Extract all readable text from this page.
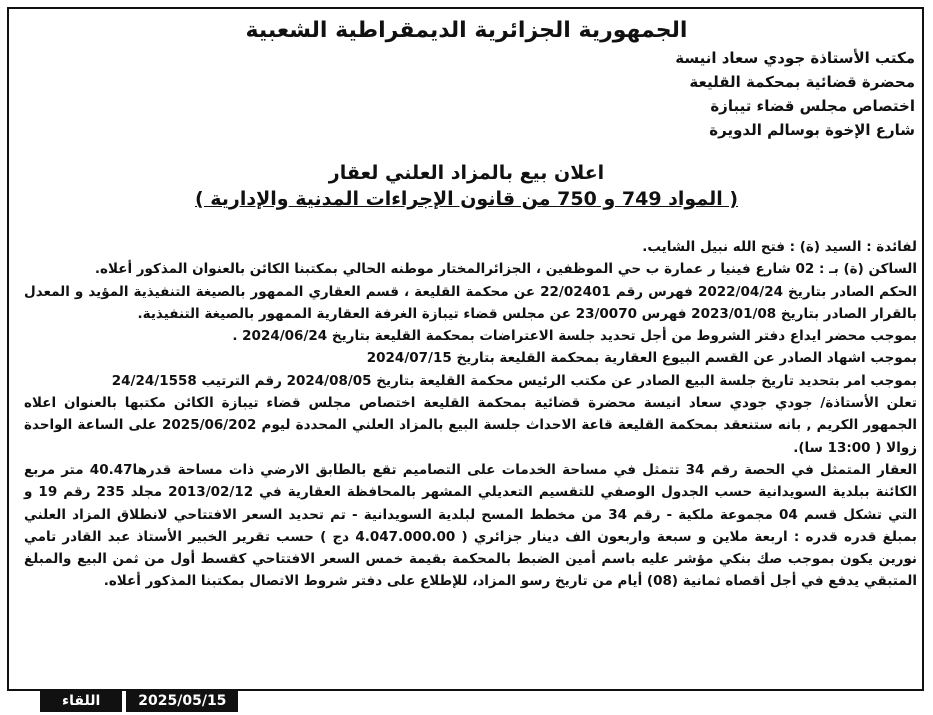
الجمهورية الجزائرية الديمقراطية الشعبية
مكتب الأستاذة جودي سعاد انيسة
محضرة قضائية بمحكمة القليعة
اختصاص مجلس قضاء تيبازة
شارع الإخوة بوسالم الدويرة
اعلان بيع بالمزاد العلني لعقار
( المواد 749 و 750 من قانون الإجراءات المدنية والإدارية )

لفائدة : السيد (ة) : فتح الله نبيل الشايب.

الساكن (ة) بـ : 02 شارع فينيا ر عمارة ب حي الموظفين ، الجزائرالمختار موطنه الحالي بمكتبنا الكائن بالعنوان المذكور أعلاه.

الحكم الصادر بتاريخ 2022/04/24 فهرس رقم 22/02401 عن محكمة القليعة ، قسم العقاري الممهور بالصيغة التنفيذية المؤيد و المعدل بالقرار الصادر بتاريخ 2023/01/08 فهرس 23/0070 عن مجلس قضاء تيبازة الغرفة العقارية الممهور بالصيغة التنفيذية.

بموجب محضر ايداع دفتر الشروط من أجل تحديد جلسة الاعتراضات بمحكمة القليعة بتاريخ 2024/06/24 .

بموجب اشهاد الصادر عن القسم البيوع العقارية بمحكمة القليعة بتاريخ 2024/07/15

بموجب امر بتحديد تاريخ جلسة البيع الصادر عن مكتب الرئيس محكمة القليعة بتاريخ 2024/08/05 رقم الترتيب 24/24/1558

تعلن الأستاذة/ جودي جودي سعاد انيسة محضرة قضائية بمحكمة القليعة اختصاص مجلس قضاء تيبازة الكائن مكتبها بالعنوان اعلاه الجمهور الكريم , بانه ستنعقد بمحكمة القليعة قاعة الاحداث جلسة البيع بالمزاد العلني المحددة ليوم 2025/06/202 على الساعة الواحدة زوالا ( 13:00 سا).

العقار المتمثل في الحصة رقم 34 تتمثل في مساحة الخدمات على التصاميم تقع بالطابق الارضي ذات مساحة قدرها40.47 متر مربع الكائنة ببلدية السويدانية حسب الجدول الوصفي للتقسيم التعديلي المشهر بالمحافظة العقارية في 2013/02/12 مجلد 235 رقم 19 و التي تشكل قسم 04 مجموعة ملكية - رقم 34 من مخطط المسح لبلدية السويدانية - تم تحديد السعر الافتتاحي لانطلاق المزاد العلني بمبلغ قدره قدره : اربعة ملاين و سبعة واربعون الف دينار جزائري ( 4.047.000.00 دج ) حسب تقرير الخبير الأستاذ عبد القادر تامي نورين يكون بموجب صك بنكي مؤشر عليه باسم أمين الضبط بالمحكمة بقيمة خمس السعر الافتتاحي كقسط أول من ثمن البيع والمبلغ المتبقي يدفع في أجل أقصاه ثمانية (08) أيام من تاريخ رسو المزاد، للإطلاع على دفتر شروط الاتصال بمكتبنا المذكور أعلاه.

اللقاء	2025/05/15
